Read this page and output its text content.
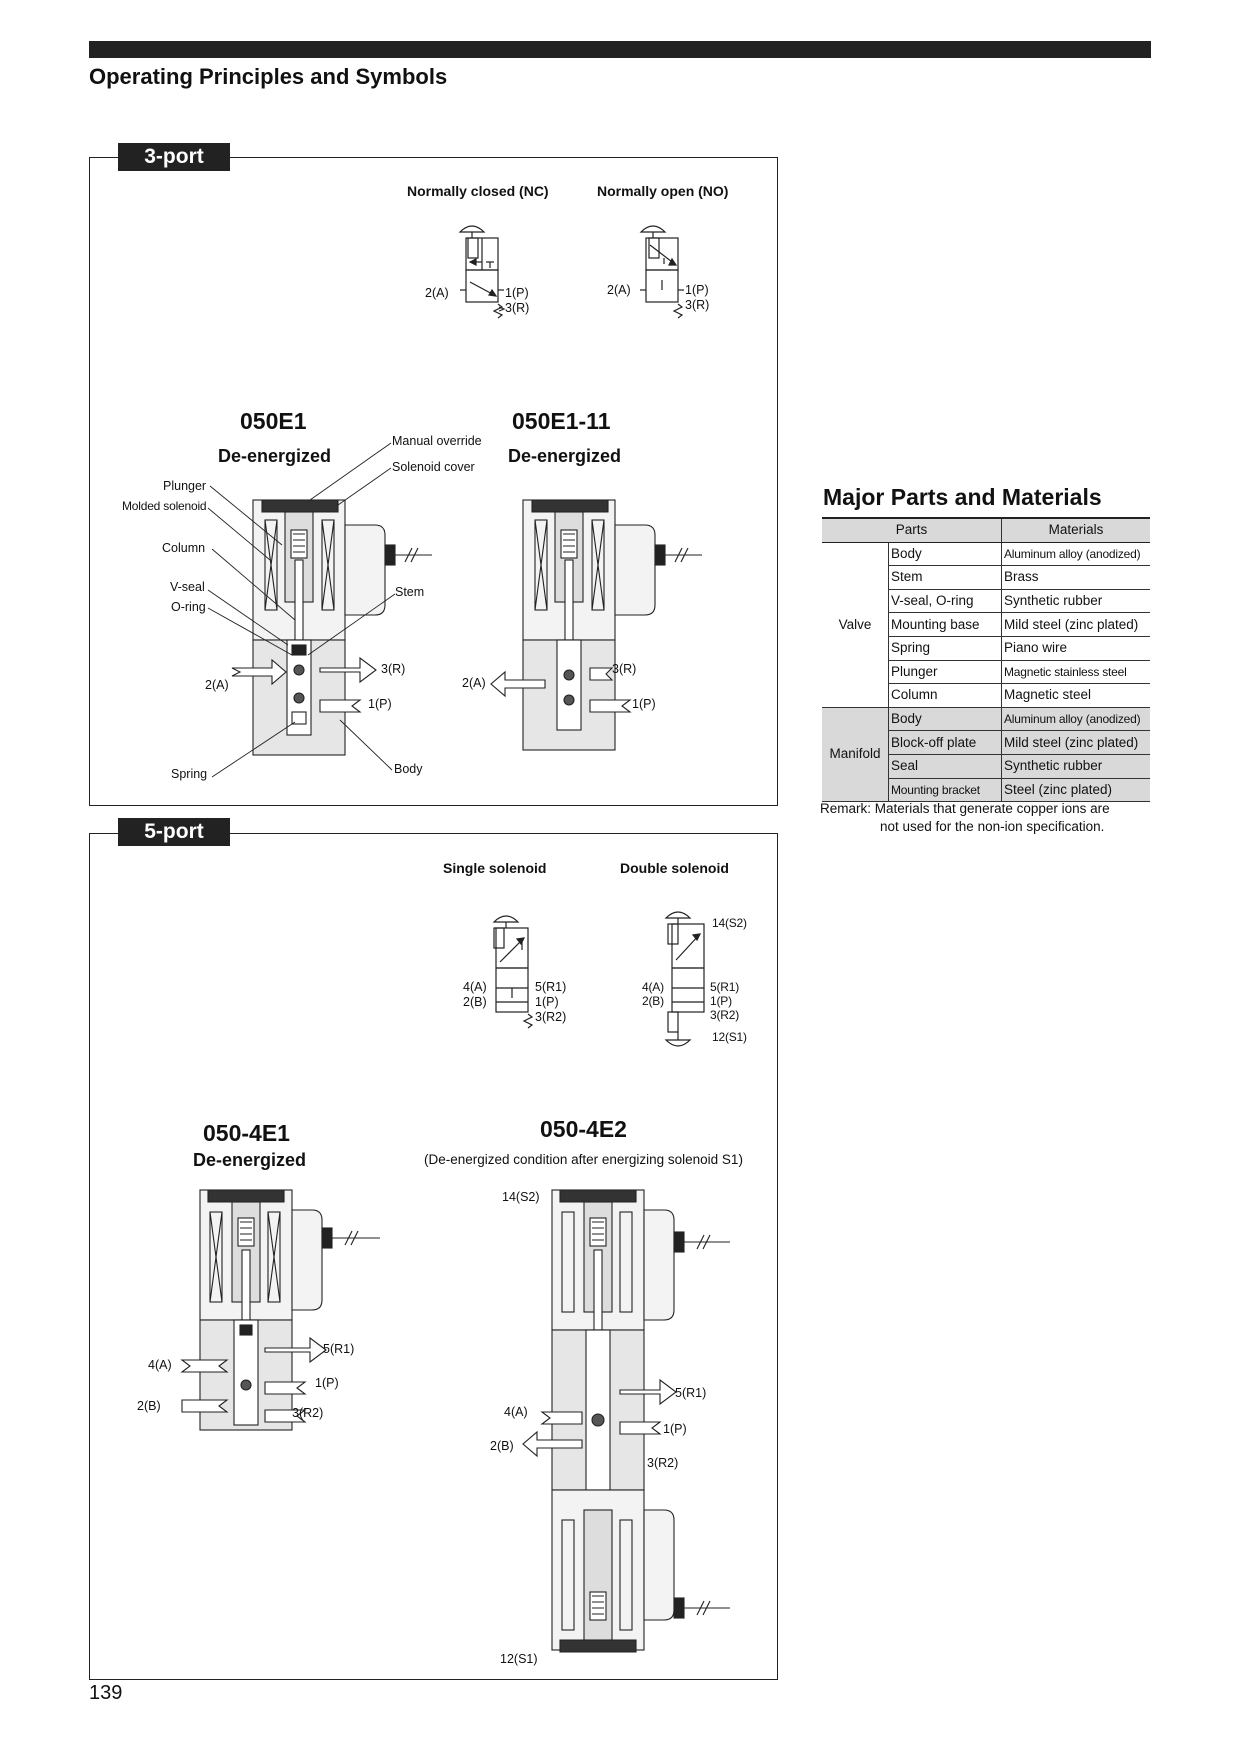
Operating Principles and Symbols
3-port
Normally closed (NC)	Normally open (NO)
2(A)	1(P)
3(R)
2(A)	1(P)
3(R)
050E1
De-energized
050E1-11
De-energized
Manual override
Solenoid cover
Plunger
Molded solenoid
Column
V-seal
O-ring
Stem
Spring	Body
2(A)
3(R)
1(P)
2(A)
3(R)
1(P)
Major Parts and Materials
Parts		Materials
Valve	Body	Aluminum alloy (anodized)
	Stem	Brass
	V-seal, O-ring	Synthetic rubber
	Mounting base	Mild steel (zinc plated)
	Spring	Piano wire
	Plunger	Magnetic stainless steel
	Column	Magnetic steel
Manifold	Body	Aluminum alloy (anodized)
	Block-off plate	Mild steel (zinc plated)
	Seal	Synthetic rubber
	Mounting bracket	Steel (zinc plated)
Remark: Materials that generate copper ions are
not used for the non-ion specification.
5-port
Single solenoid	Double solenoid
4(A)
2(B)
5(R1)
1(P)
3(R2)
14(S2)
4(A)
2(B)
5(R1)
1(P)
3(R2)
12(S1)
050-4E1
De-energized
050-4E2
(De-energized condition after energizing solenoid S1)
4(A)
2(B)
5(R1)
1(P)
3(R2)
14(S2)
5(R1)
4(A)
1(P)
2(B)
3(R2)
12(S1)
139
